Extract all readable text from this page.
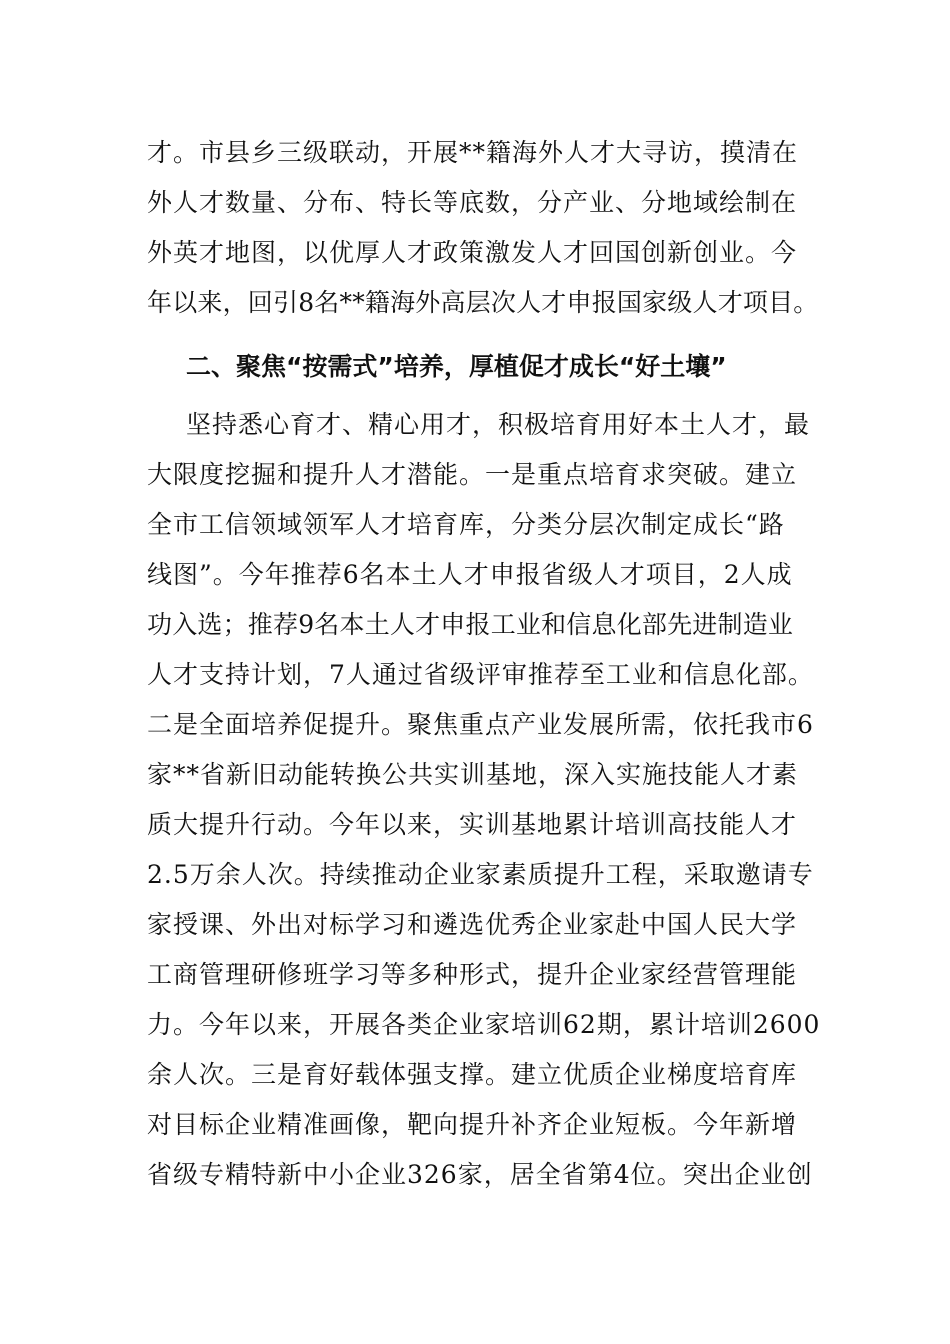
才。市县乡三级联动，开展**籍海外人才大寻访，摸清在

外人才数量、分布、特长等底数，分产业、分地域绘制在

外英才地图，以优厚人才政策激发人才回国创新创业。今

年以来，回引8名**籍海外高层次人才申报国家级人才项目。

二、聚焦“按需式”培养，厚植促才成长“好土壤”

坚持悉心育才、精心用才，积极培育用好本土人才，最

大限度挖掘和提升人才潜能。一是重点培育求突破。建立

全市工信领域领军人才培育库，分类分层次制定成长“路

线图”。今年推荐6名本土人才申报省级人才项目，2人成

功入选；推荐9名本土人才申报工业和信息化部先进制造业

人才支持计划，7人通过省级评审推荐至工业和信息化部。

二是全面培养促提升。聚焦重点产业发展所需，依托我市6

家**省新旧动能转换公共实训基地，深入实施技能人才素

质大提升行动。今年以来，实训基地累计培训高技能人才

2.5万余人次。持续推动企业家素质提升工程，采取邀请专

家授课、外出对标学习和遴选优秀企业家赴中国人民大学

工商管理研修班学习等多种形式，提升企业家经营管理能

力。今年以来，开展各类企业家培训62期，累计培训2600

余人次。三是育好载体强支撑。建立优质企业梯度培育库

对目标企业精准画像，靶向提升补齐企业短板。今年新增

省级专精特新中小企业326家，居全省第4位。突出企业创
